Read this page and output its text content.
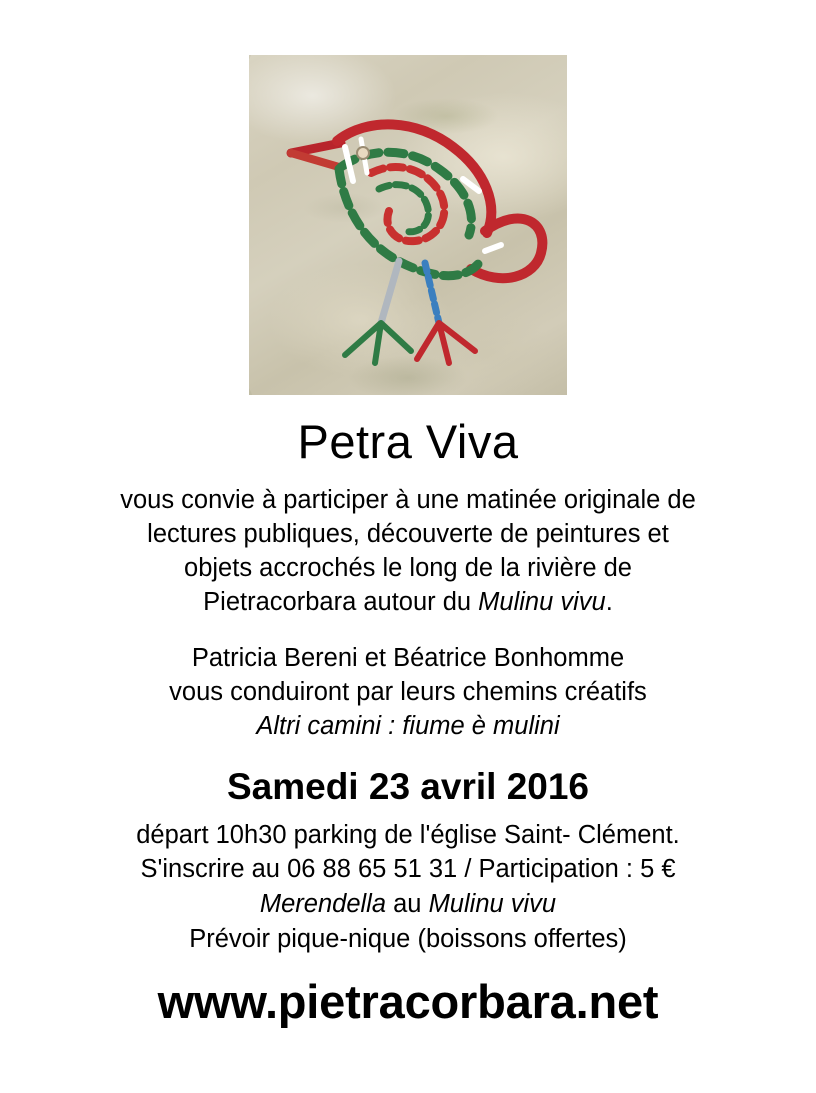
Petra Viva
vous convie à participer à une matinée originale de
lectures publiques, découverte de peintures et
objets accrochés le long de la rivière de
Pietracorbara autour du Mulinu vivu.
Patricia Bereni et Béatrice Bonhomme
vous conduiront par leurs chemins créatifs
Altri camini : fiume è mulini
Samedi 23 avril 2016
départ 10h30 parking de l'église Saint- Clément.
S'inscrire au 06 88 65 51 31 / Participation : 5 €
Merendella au Mulinu vivu
Prévoir pique-nique (boissons offertes)
www.pietracorbara.net
